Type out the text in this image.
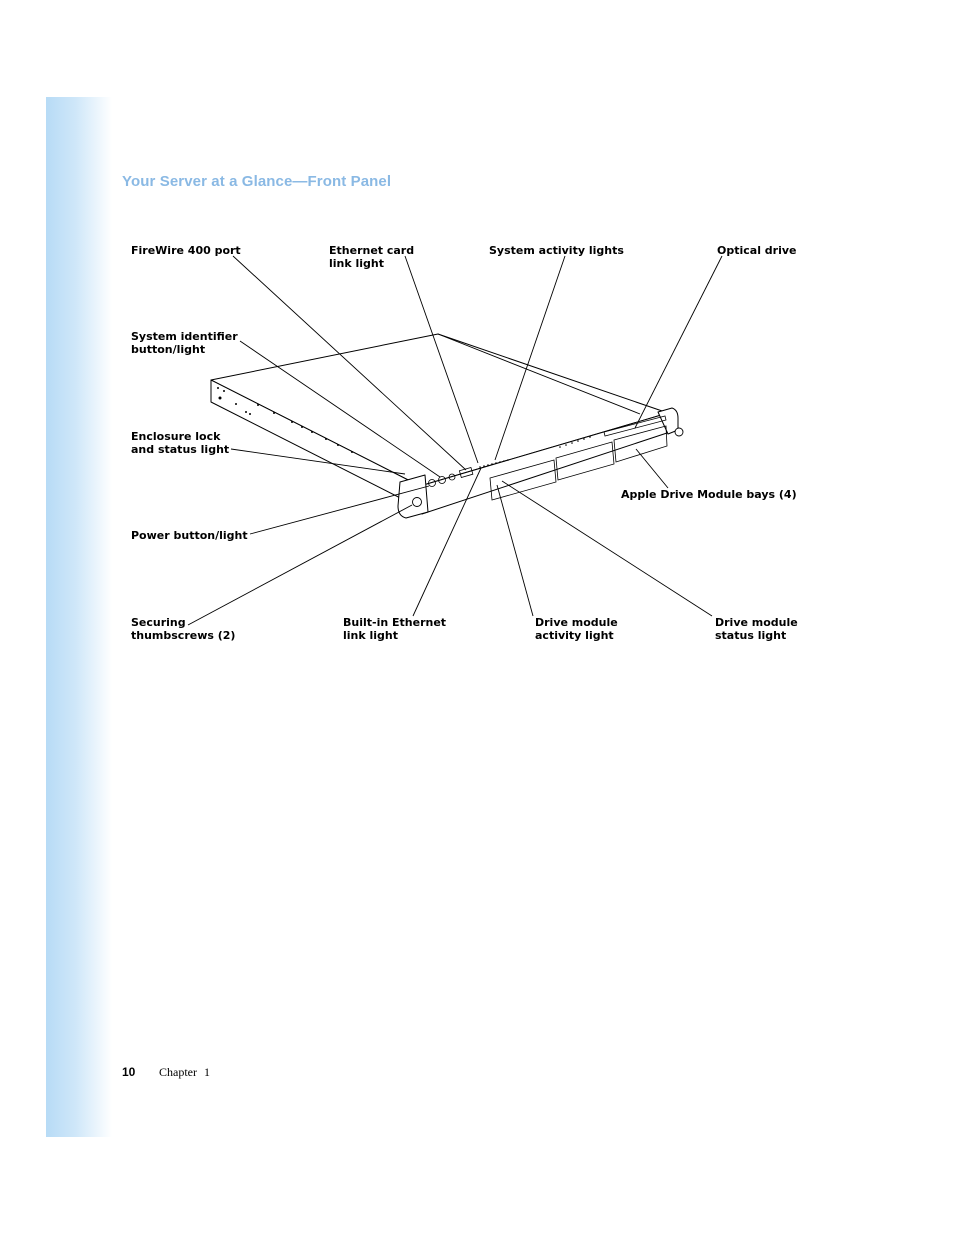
Your Server at a Glance—Front Panel
FireWire 400 port	Ethernet card
link light
System activity lights	Optical drive
System identifier
button/light
Enclosure lock
and status light
Apple Drive Module bays (4)
Power button/light
Securing
thumbscrews (2)
Built-in Ethernet
link light
Drive module
activity light
Drive module
status light
10 Chapter 1
